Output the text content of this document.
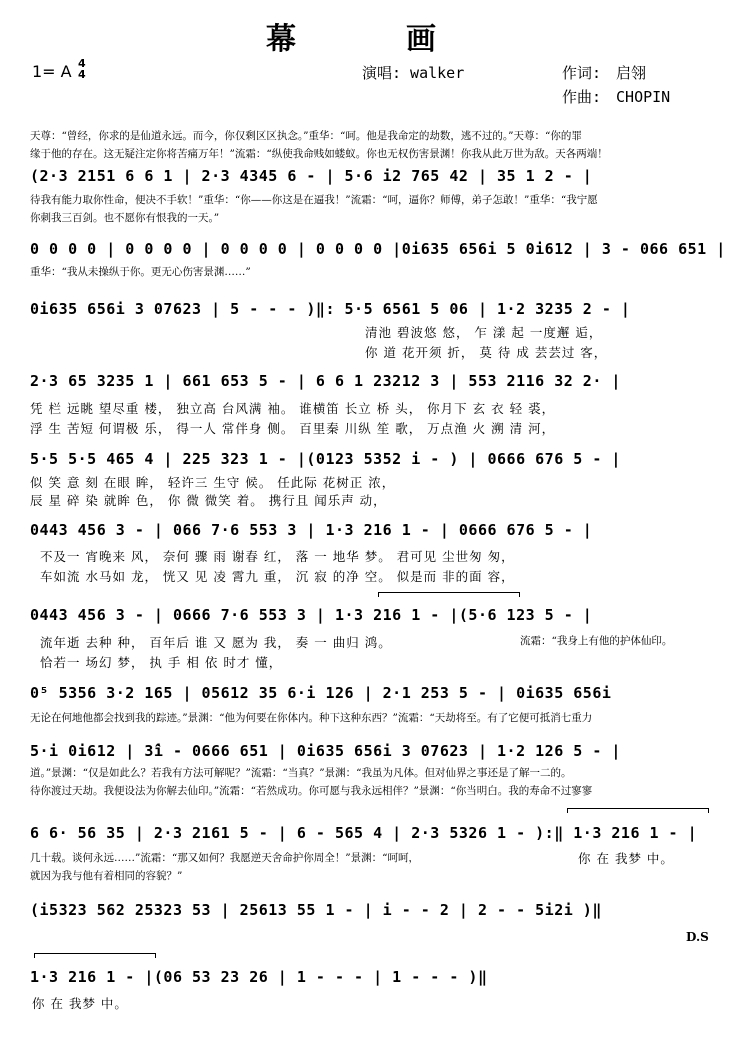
幕　画
1= A 4
4	演唱: walker	作词:　启翎
作曲:　CHOPIN
天尊：“曾经，你求的是仙道永远。而今，你仅剩区区执念。”重华：“呵。他是我命定的劫数，逃不过的。”天尊：“你的罪
缘于他的存在。这无疑注定你将苦痛万年！”流霜：“纵使我命贱如蝼蚁。你也无权伤害景渊！你我从此万世为敌。天各两端！
(2·3 2151 6 6 1 | 2·3 4345 6 - | 5·6 i2 765 42 | 35 1 2 - |
待我有能力取你性命，便决不手软！”重华：“你——你这是在逼我！”流霜：“呵，逼你？师傅，弟子怎敢！”重华：“我宁愿
你刺我三百剑。也不愿你有恨我的一天。”
0 0 0 0 | 0 0 0 0 | 0 0 0 0 | 0 0 0 0 |0i635 656i 5 0i612 | 3 - 066 651 |
重华：“我从未操纵于你。更无心伤害景渊……”
0i635 656i 3 07623 | 5 - - - )‖: 5·5 6561 5 06 | 1·2 3235 2 - |
清池 碧波悠 悠， 乍 漾 起 一度邂 逅，
你 道 花开须 折， 莫 待 成 芸芸过 客，
2·3 65 3235 1 | 661 653 5 - | 6 6 1 23212 3 | 553 2116 32 2· |
凭 栏 远眺 望尽重 楼， 独立高 台风满 袖。 谁横笛 长立 桥 头， 你月下 玄 衣 轻 裘，
浮 生 苦短 何谓极 乐， 得一人 常伴身 侧。 百里秦 川纵 笙 歌， 万点渔 火 溯 清 河，
5·5 5·5 465 4 | 225 323 1 - |(0123 5352 i - ) | 0666 676 5 - |
似 笑 意 刻 在眼 眸， 轻许三 生守 候。 任此际 花树正 浓，
辰 星 碎 染 就眸 色， 你 微 微笑 着。 携行且 闻乐声 动，
0443 456 3 - | 066 7·6 553 3 | 1·3 216 1 - | 0666 676 5 - |
不及一 宵晚来 风， 奈何 骤 雨 谢春 红， 落 一 地华 梦。 君可见 尘世匆 匆，
车如流 水马如 龙， 恍又 见 凌 霄九 重， 沉 寂 的净 空。 似是而 非的面 容，
0443 456 3 - | 0666 7·6 553 3 | 1·3 216 1 - |(5·6 123 5 - |
流年逝 去种 种， 百年后 谁 又 愿为 我， 奏 一 曲归 鸿。	流霜：“我身上有他的护体仙印。
恰若一 场幻 梦， 执 手 相 依 时才 懂，
0⁵ 5356 3·2 165 | 05612 35 6·i 126 | 2·1 253 5 - | 0i635 656i
无论在何地他都会找到我的踪迹。”景渊：“他为何要在你体内。种下这种东西？”流霜：“天劫将至。有了它便可抵消七重力
5·i 0i612 | 3̂i - 0666 651 | 0i635 656i 3 07623 | 1·2 126 5 - |
道。”景渊：“仅是如此么？若我有方法可解呢？”流霜：“当真？”景渊：“我虽为凡体。但对仙界之事还是了解一二的。
待你渡过天劫。我便设法为你解去仙印。”流霜：“若然成功。你可愿与我永远相伴？”景渊：“你当明白。我的寿命不过寥寥
6 6· 56 35 | 2·3 2161 5 - | 6 - 565 4 | 2·3 5326 1 - ):‖ 1·3 216 1 - |
几十载。谈何永远……”流霜：“那又如何？我愿逆天舍命护你周全！”景渊：“呵呵，	你 在 我梦 中。
就因为我与他有着相同的容貌？”
(i5323 562 25323 53 | 25613 55 1 - | i - - 2 | 2 - - 5i2i )‖
D.S
1·3 216 1 - |(06 53 23 26 | 1 - - - | 1 - - - )‖
你 在 我梦 中。
